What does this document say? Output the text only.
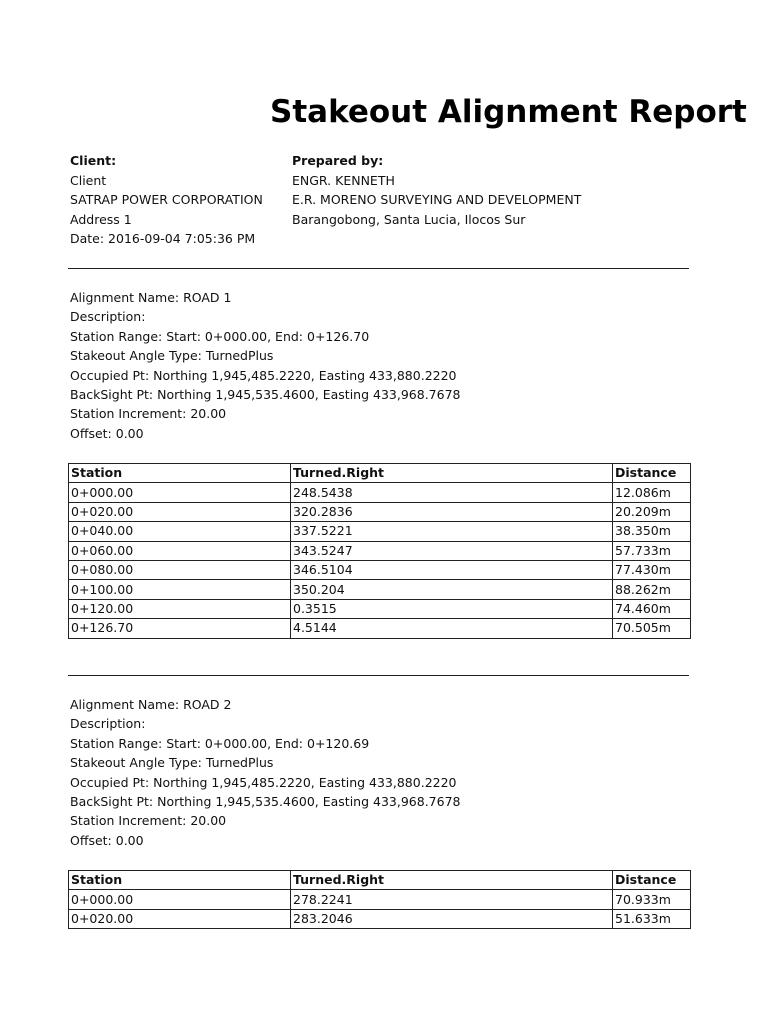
Stakeout Alignment Report
Client:
Client
SATRAP POWER CORPORATION
Address 1
Date: 2016-09-04 7:05:36 PM
Prepared by:
ENGR. KENNETH
E.R. MORENO SURVEYING AND DEVELOPMENT
Barangobong, Santa Lucia, Ilocos Sur
Alignment Name: ROAD 1
Description:
Station Range: Start: 0+000.00, End: 0+126.70
Stakeout Angle Type: TurnedPlus
Occupied Pt: Northing 1,945,485.2220, Easting 433,880.2220
BackSight Pt: Northing 1,945,535.4600, Easting 433,968.7678
Station Increment: 20.00
Offset: 0.00
Station	Turned.Right	Distance
0+000.00	248.5438	12.086m
0+020.00	320.2836	20.209m
0+040.00	337.5221	38.350m
0+060.00	343.5247	57.733m
0+080.00	346.5104	77.430m
0+100.00	350.204	88.262m
0+120.00	0.3515	74.460m
0+126.70	4.5144	70.505m
Alignment Name: ROAD 2
Description:
Station Range: Start: 0+000.00, End: 0+120.69
Stakeout Angle Type: TurnedPlus
Occupied Pt: Northing 1,945,485.2220, Easting 433,880.2220
BackSight Pt: Northing 1,945,535.4600, Easting 433,968.7678
Station Increment: 20.00
Offset: 0.00
Station	Turned.Right	Distance
0+000.00	278.2241	70.933m
0+020.00	283.2046	51.633m
